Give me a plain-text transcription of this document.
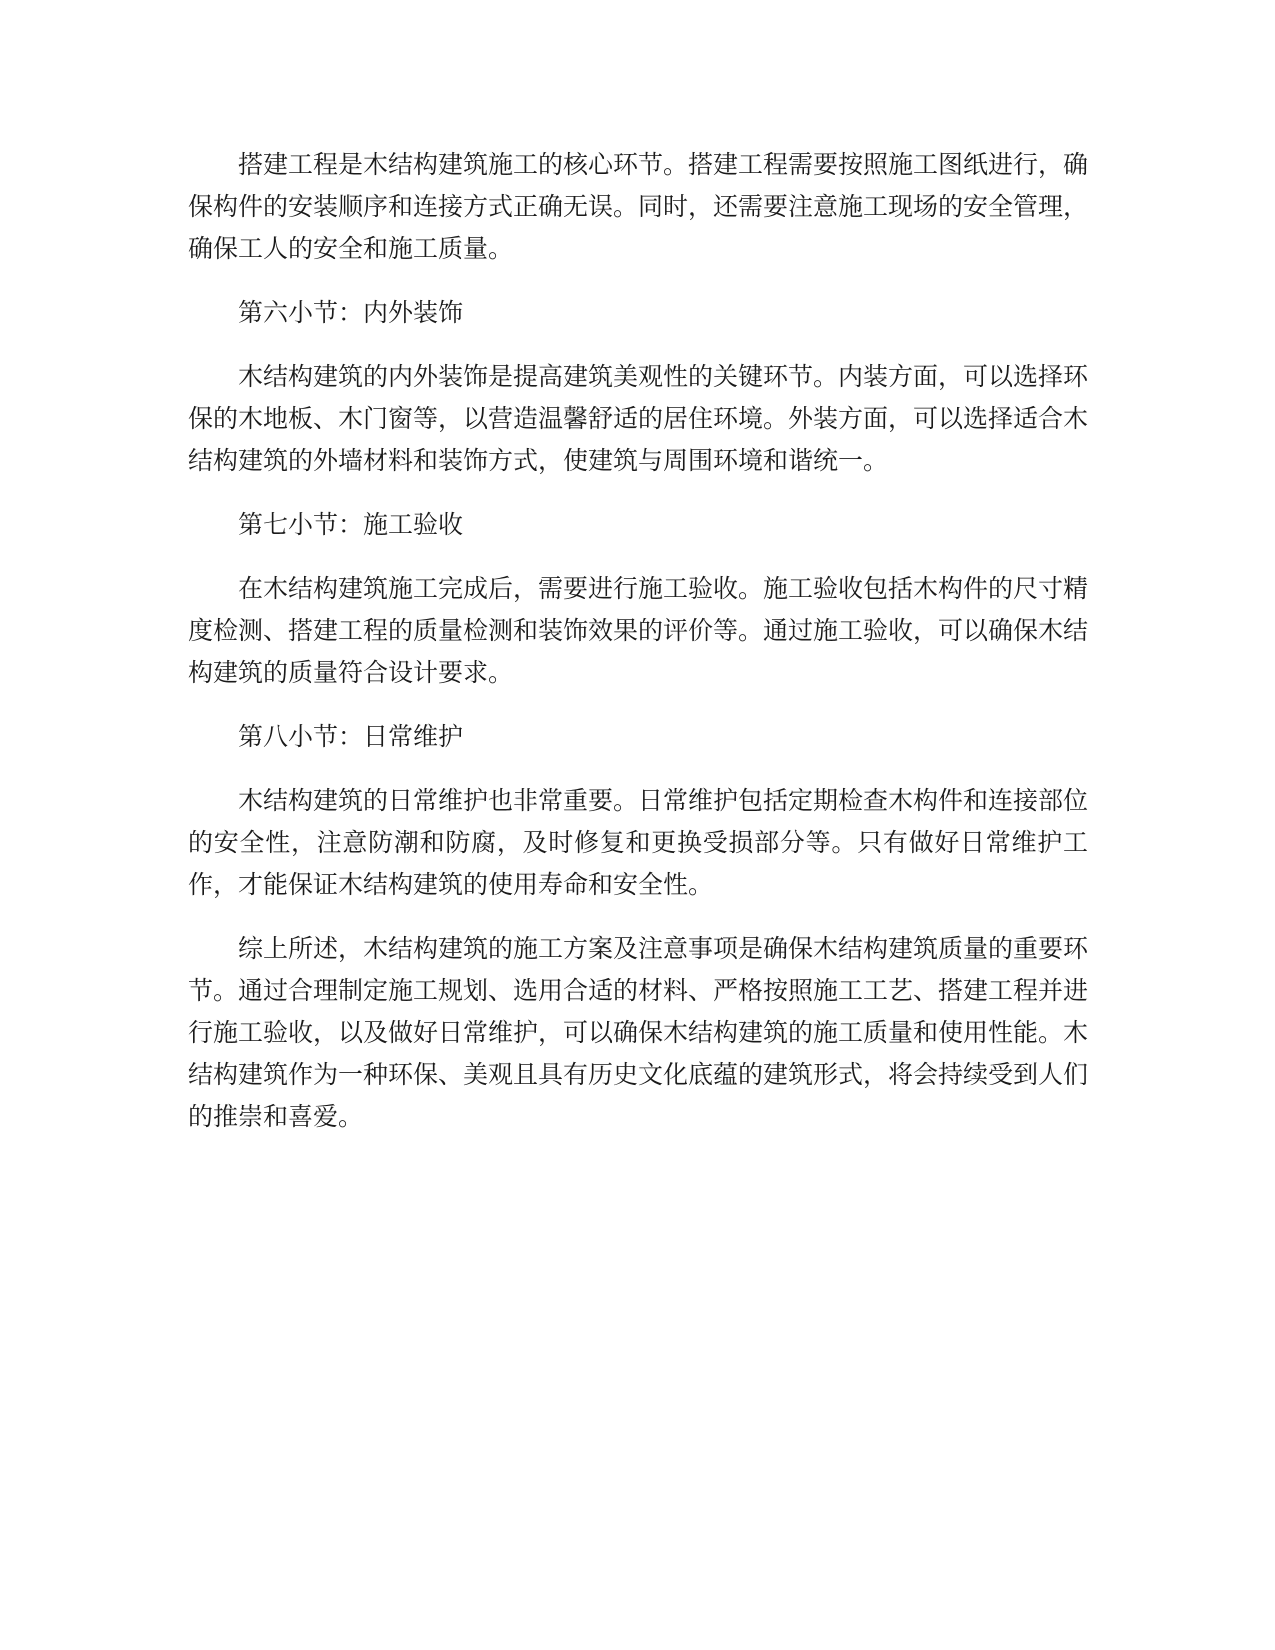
搭建工程是木结构建筑施工的核心环节。搭建工程需要按照施工图纸进行，确保构件的安装顺序和连接方式正确无误。同时，还需要注意施工现场的安全管理，确保工人的安全和施工质量。

第六小节：内外装饰

木结构建筑的内外装饰是提高建筑美观性的关键环节。内装方面，可以选择环保的木地板、木门窗等，以营造温馨舒适的居住环境。外装方面，可以选择适合木结构建筑的外墙材料和装饰方式，使建筑与周围环境和谐统一。

第七小节：施工验收

在木结构建筑施工完成后，需要进行施工验收。施工验收包括木构件的尺寸精度检测、搭建工程的质量检测和装饰效果的评价等。通过施工验收，可以确保木结构建筑的质量符合设计要求。

第八小节：日常维护

木结构建筑的日常维护也非常重要。日常维护包括定期检查木构件和连接部位的安全性，注意防潮和防腐，及时修复和更换受损部分等。只有做好日常维护工作，才能保证木结构建筑的使用寿命和安全性。

综上所述，木结构建筑的施工方案及注意事项是确保木结构建筑质量的重要环节。通过合理制定施工规划、选用合适的材料、严格按照施工工艺、搭建工程并进行施工验收，以及做好日常维护，可以确保木结构建筑的施工质量和使用性能。木结构建筑作为一种环保、美观且具有历史文化底蕴的建筑形式，将会持续受到人们的推崇和喜爱。
